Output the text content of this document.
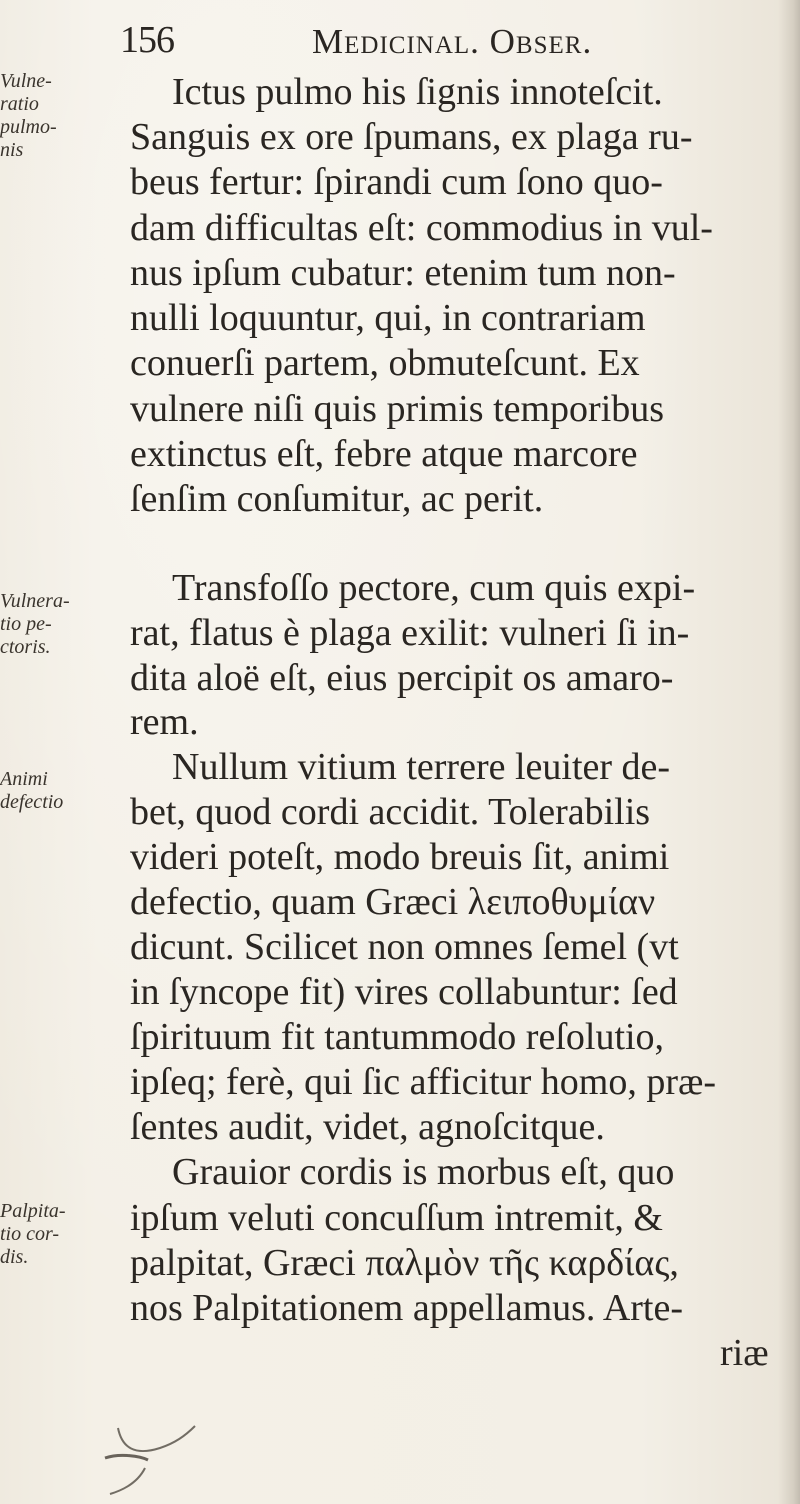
156	Medicinal. Obser.
Vulne-
ratio
pulmo-
nis
Vulnera-
tio pe-
ctoris.
Animi
defectio
Palpita-
tio cor-
dis.
Ictus pulmo his ſignis innoteſcit.
Sanguis ex ore ſpumans, ex plaga ru-
beus fertur: ſpirandi cum ſono quo-
dam difficultas eſt: commodius in vul-
nus ipſum cubatur: etenim tum non-
nulli loquuntur, qui, in contrariam
conuerſi partem, obmuteſcunt. Ex
vulnere niſi quis primis temporibus
extinctus eſt, febre atque marcore
ſenſim conſumitur, ac perit.
Transfoſſo pectore, cum quis expi-
rat, flatus è plaga exilit: vulneri ſi in-
dita aloë eſt, eius percipit os amaro-
rem.
Nullum vitium terrere leuiter de-
bet, quod cordi accidit. Tolerabilis
videri poteſt, modo breuis ſit, animi
defectio, quam Græci λειποθυμίαν
dicunt. Scilicet non omnes ſemel (vt
in ſyncope fit) vires collabuntur: ſed
ſpirituum fit tantummodo reſolutio,
ipſeq; ferè, qui ſic afficitur homo, præ-
ſentes audit, videt, agnoſcitque.
Grauior cordis is morbus eſt, quo
ipſum veluti concuſſum intremit, &
palpitat, Græci παλμὸν τῆς καρδίας,
nos Palpitationem appellamus. Arte-
riæ
